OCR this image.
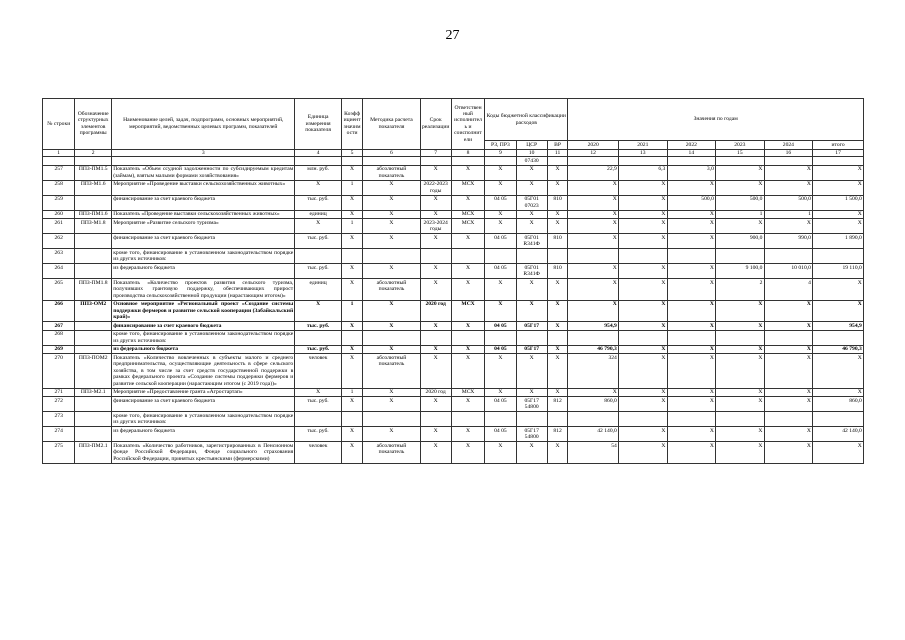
27
№ строки	Обозначение структурных элементов программы	Наименование целей, задач, подпрограмм, основных мероприятий, мероприятий, ведомственных целевых программ, показателей	Единица измерения показателя	Коэффициент значимости	Методика расчета показателя	Срок реализации	Ответственный исполнитель и соисполнители	Коды бюджетной классификации расходов			Значения по годам					
								РЗ, ПР3	ЦСР	ВР	2020	2021	2022	2023	2024	итого
1	2	3	4	5	6	7	8	9	10	11	12	13	14	15	16	17
									07430							
257	ППЗ-ПМ1.5	Показатель «Объем ссудной задолженности по субсидируемым кредитам (займам), взятым малыми формами хозяйствования»	млн. руб.	X	абсолютный показатель	X	X	X	X	X	22,9	6,3	3,0	X	X	X
258	ППЗ-М1.6	Мероприятие «Проведение выставки сельскохозяйственных животных»	X	1	X	2022-2023 годы	МСХ	X	X	X	X	X	X	X	X	X
259		финансирование за счет краевого бюджета	тыс. руб.	X	X	X	X	04 05	05Г01 07023	810	X	X	500,0	500,0	500,0	1 500,0
260	ППЗ-ПМ1.6	Показатель «Проведение выставки сельскохозяйственных животных»	единиц	X	X	X	МСХ	X	X	X	X	X	X	1	1	X
261	ППЗ-М1.8	Мероприятие «Развитие сельского туризма»	X	1	X	2023-2024 годы	МСХ	X	X	X	X	X	X	X	X	X
262		финансирование за счет краевого бюджета	тыс. руб.	X	X	X	X	04 05	05Г01 R341Ф	810	X	X	X	900,0	990,0	1 890,0
263		кроме того, финансирование в установленном законодательством порядке из других источников:														
264		из федерального бюджета	тыс. руб.	X	X	X	X	04 05	05Г01 R341Ф	810	X	X	X	9 100,0	10 010,0	19 110,0
265	ППЗ-ПМ1.8	Показатель «Количество проектов развития сельского туризма, получивших грантовую поддержку, обеспечивающих прирост производства сельскохозяйственной продукции (нарастающим итогом)»	единиц	X	абсолютный показатель	X	X	X	X	X	X	X	X	2	4	X
266	ППЗ-ОМ2	Основное мероприятие «Региональный проект «Создание системы поддержки фермеров и развитие сельской кооперации (Забайкальский край)»	X	1	X	2020 год	МСХ	X	X	X	X	X	X	X	X	X
267		финансирование за счет краевого бюджета	тыс. руб.	X	X	X	X	04 05	05Г17	X	954,9	X	X	X	X	954,9
268		кроме того, финансирование в установленном законодательством порядке из других источников:														
269		из федерального бюджета	тыс. руб.	X	X	X	X	04 05	05Г17	X	46 790,3	X	X	X	X	46 790,3
270	ППЗ-ПОМ2	Показатель «Количество вовлеченных в субъекты малого и среднего предпринимательства, осуществляющие деятельность в сфере сельского хозяйства, в том числе за счет средств государственной поддержки в рамках федерального проекта «Создание системы поддержки фермеров и развитие сельской кооперации (нарастающим итогом (с 2019 года))»	человек	X	абсолютный показатель	X	X	X	X	X	324	X	X	X	X	X
271	ППЗ-М2.1	Мероприятие «Предоставление гранта «Агростартап»	X	1	X	2020 год	МСХ	X	X	X	X	X	X	X	X	X
272		финансирование за счет краевого бюджета	тыс. руб.	X	X	X	X	04 05	05Г17 54800	812	860,0	X	X	X	X	860,0
273		кроме того, финансирование в установленном законодательством порядке из других источников:														
274		из федерального бюджета	тыс. руб.	X	X	X	X	04 05	05Г17 54800	812	42 140,0	X	X	X	X	42 140,0
275	ППЗ-ПМ2.1	Показатель «Количество работников, зарегистрированных в Пенсионном фонде Российской Федерации, Фонде социального страхования Российской Федерации, принятых крестьянскими (фермерскими)	человек	X	абсолютный показатель	X	X	X	X	X	54	X	X	X	X	X
